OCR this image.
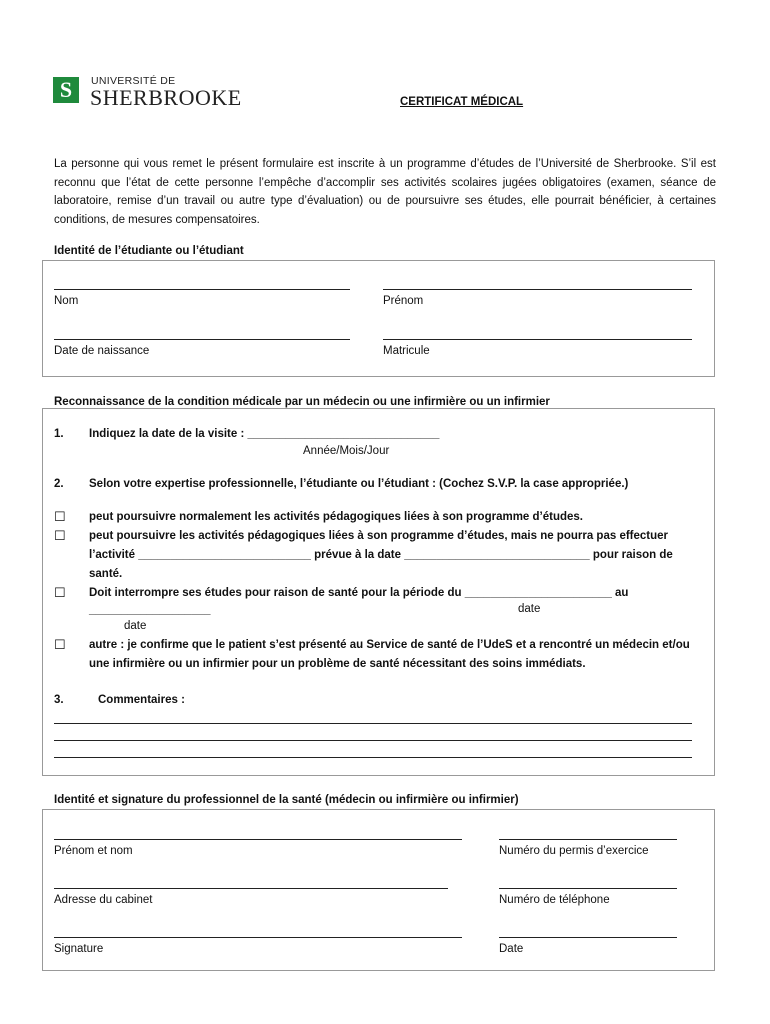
S	UNIVERSITÉ DE
SHERBROOKE	CERTIFICAT MÉDICAL
La personne qui vous remet le présent formulaire est inscrite à un programme d’études de l’Université de Sherbrooke. S’il est reconnu que l’état de cette personne l’empêche d’accomplir ses activités scolaires jugées obligatoires (examen, séance de laboratoire, remise d’un travail ou autre type d’évaluation) ou de poursuivre ses études, elle pourrait bénéficier, à certaines conditions, de mesures compensatoires.
Identité de l’étudiante ou l’étudiant
Nom	Prénom
Date de naissance	Matricule
Reconnaissance de la condition médicale par un médecin ou une infirmière ou un infirmier
1. Indiquez la date de la visite : ______________________________
Année/Mois/Jour
2. Selon votre expertise professionnelle, l’étudiante ou l’étudiant : (Cochez S.V.P. la case appropriée.)
☐ peut poursuivre normalement les activités pédagogiques liées à son programme d’études.
☐ peut poursuivre les activités pédagogiques liées à son programme d’études, mais ne pourra pas effectuer
l’activité ___________________________ prévue à la date _____________________________ pour raison de
santé.
☐ Doit interrompre ses études pour raison de santé pour la période du _______________________ au
date
___________________
date
☐ autre : je confirme que le patient s’est présenté au Service de santé de l’UdeS et a rencontré un médecin et/ou
une infirmière ou un infirmier pour un problème de santé nécessitant des soins immédiats.
3.	Commentaires :
Identité et signature du professionnel de la santé (médecin ou infirmière ou infirmier)
Prénom et nom	Numéro du permis d’exercice
Adresse du cabinet	Numéro de téléphone
Signature	Date
